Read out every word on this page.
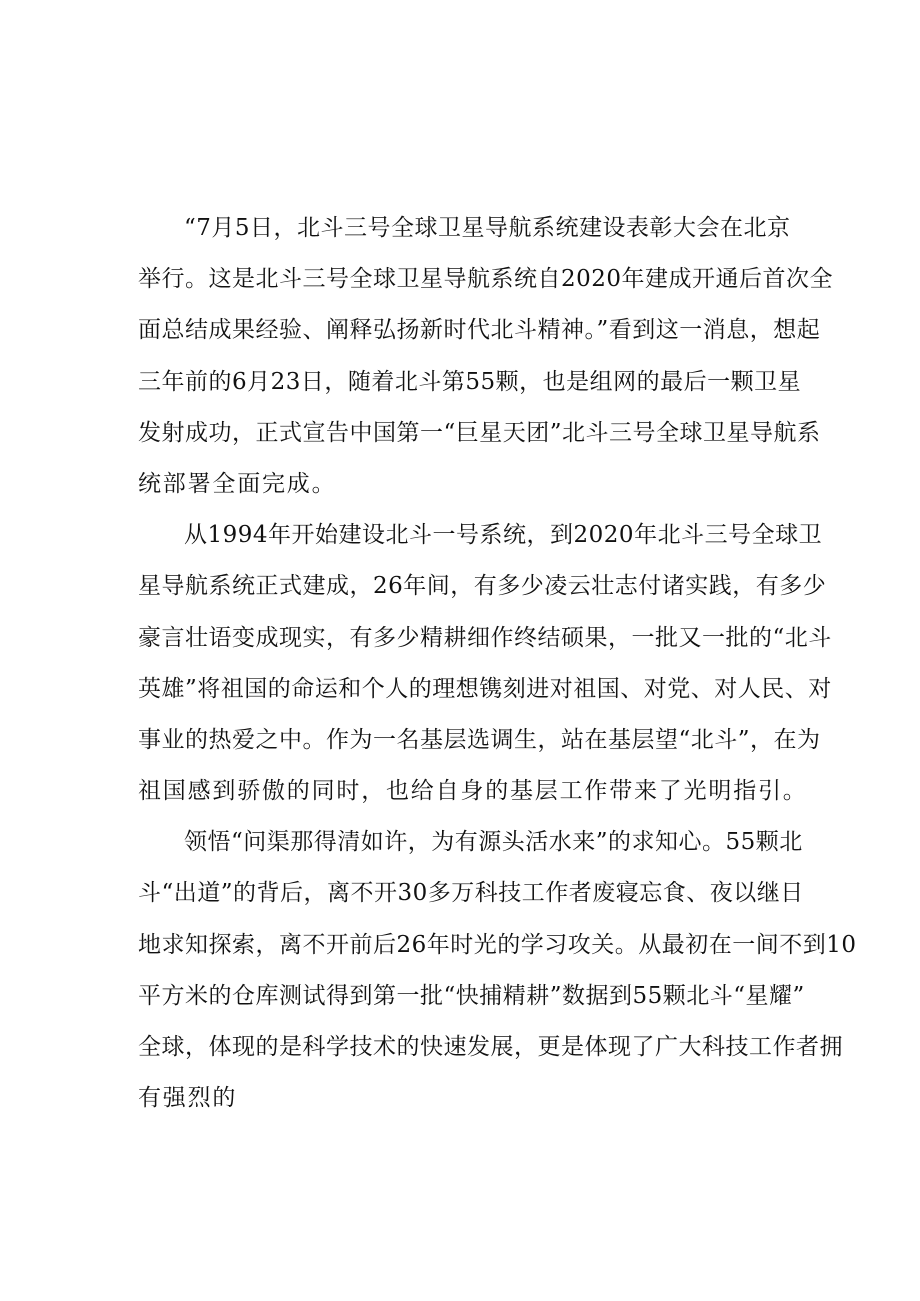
“7月5日，北斗三号全球卫星导航系统建设表彰大会在北京
举行。这是北斗三号全球卫星导航系统自2020年建成开通后首次全
面总结成果经验、阐释弘扬新时代北斗精神。”看到这一消息，想起
三年前的6月23日，随着北斗第55颗，也是组网的最后一颗卫星
发射成功，正式宣告中国第一“巨星天团”北斗三号全球卫星导航系
统部署全面完成。
从1994年开始建设北斗一号系统，到2020年北斗三号全球卫
星导航系统正式建成，26年间，有多少凌云壮志付诸实践，有多少
豪言壮语变成现实，有多少精耕细作终结硕果，一批又一批的“北斗
英雄”将祖国的命运和个人的理想镌刻进对祖国、对党、对人民、对
事业的热爱之中。作为一名基层选调生，站在基层望“北斗”，在为
祖国感到骄傲的同时，也给自身的基层工作带来了光明指引。
领悟“问渠那得清如许，为有源头活水来”的求知心。55颗北
斗“出道”的背后，离不开30多万科技工作者废寝忘食、夜以继日
地求知探索，离不开前后26年时光的学习攻关。从最初在一间不到10
平方米的仓库测试得到第一批“快捕精耕”数据到55颗北斗“星耀”
全球，体现的是科学技术的快速发展，更是体现了广大科技工作者拥
有强烈的
